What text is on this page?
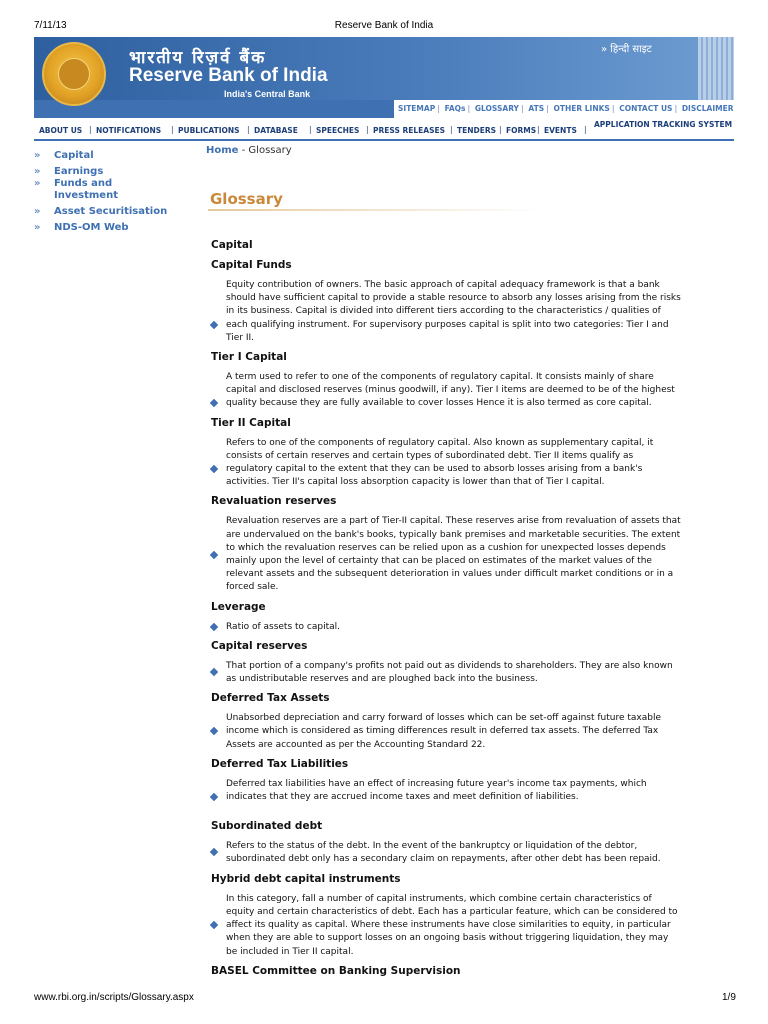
7/11/13	Reserve Bank of India
भारतीय रिज़र्व बैंक
Reserve Bank of India
India's Central Bank
» हिन्दी साइट
SITEMAP | FAQs | GLOSSARY | ATS | OTHER LINKS | CONTACT US | DISCLAIMER
ABOUT US | NOTIFICATIONS | PUBLICATIONS | DATABASE | SPEECHES | PRESS RELEASES | TENDERS | FORMS | EVENTS |
APPLICATION TRACKING SYSTEM
» Capital
» Earnings
» Funds and Investment
» Asset Securitisation
» NDS-OM Web
Home - Glossary
Glossary
Capital
Capital Funds
Equity contribution of owners. The basic approach of capital adequacy framework is that a bank should have sufficient capital to provide a stable resource to absorb any losses arising from the risks in its business. Capital is divided into different tiers according to the characteristics / qualities of each qualifying instrument. For supervisory purposes capital is split into two categories: Tier I and Tier II.
Tier I Capital
A term used to refer to one of the components of regulatory capital. It consists mainly of share capital and disclosed reserves (minus goodwill, if any). Tier I items are deemed to be of the highest quality because they are fully available to cover losses Hence it is also termed as core capital.
Tier II Capital
Refers to one of the components of regulatory capital. Also known as supplementary capital, it consists of certain reserves and certain types of subordinated debt. Tier II items qualify as regulatory capital to the extent that they can be used to absorb losses arising from a bank's activities. Tier II's capital loss absorption capacity is lower than that of Tier I capital.
Revaluation reserves
Revaluation reserves are a part of Tier-II capital. These reserves arise from revaluation of assets that are undervalued on the bank's books, typically bank premises and marketable securities. The extent to which the revaluation reserves can be relied upon as a cushion for unexpected losses depends mainly upon the level of certainty that can be placed on estimates of the market values of the relevant assets and the subsequent deterioration in values under difficult market conditions or in a forced sale.
Leverage
Ratio of assets to capital.
Capital reserves
That portion of a company's profits not paid out as dividends to shareholders. They are also known as undistributable reserves and are ploughed back into the business.
Deferred Tax Assets
Unabsorbed depreciation and carry forward of losses which can be set-off against future taxable income which is considered as timing differences result in deferred tax assets. The deferred Tax Assets are accounted as per the Accounting Standard 22.
Deferred Tax Liabilities
Deferred tax liabilities have an effect of increasing future year's income tax payments, which indicates that they are accrued income taxes and meet definition of liabilities.
Subordinated debt
Refers to the status of the debt. In the event of the bankruptcy or liquidation of the debtor, subordinated debt only has a secondary claim on repayments, after other debt has been repaid.
Hybrid debt capital instruments
In this category, fall a number of capital instruments, which combine certain characteristics of equity and certain characteristics of debt. Each has a particular feature, which can be considered to affect its quality as capital. Where these instruments have close similarities to equity, in particular when they are able to support losses on an ongoing basis without triggering liquidation, they may be included in Tier II capital.
BASEL Committee on Banking Supervision
www.rbi.org.in/scripts/Glossary.aspx	1/9
